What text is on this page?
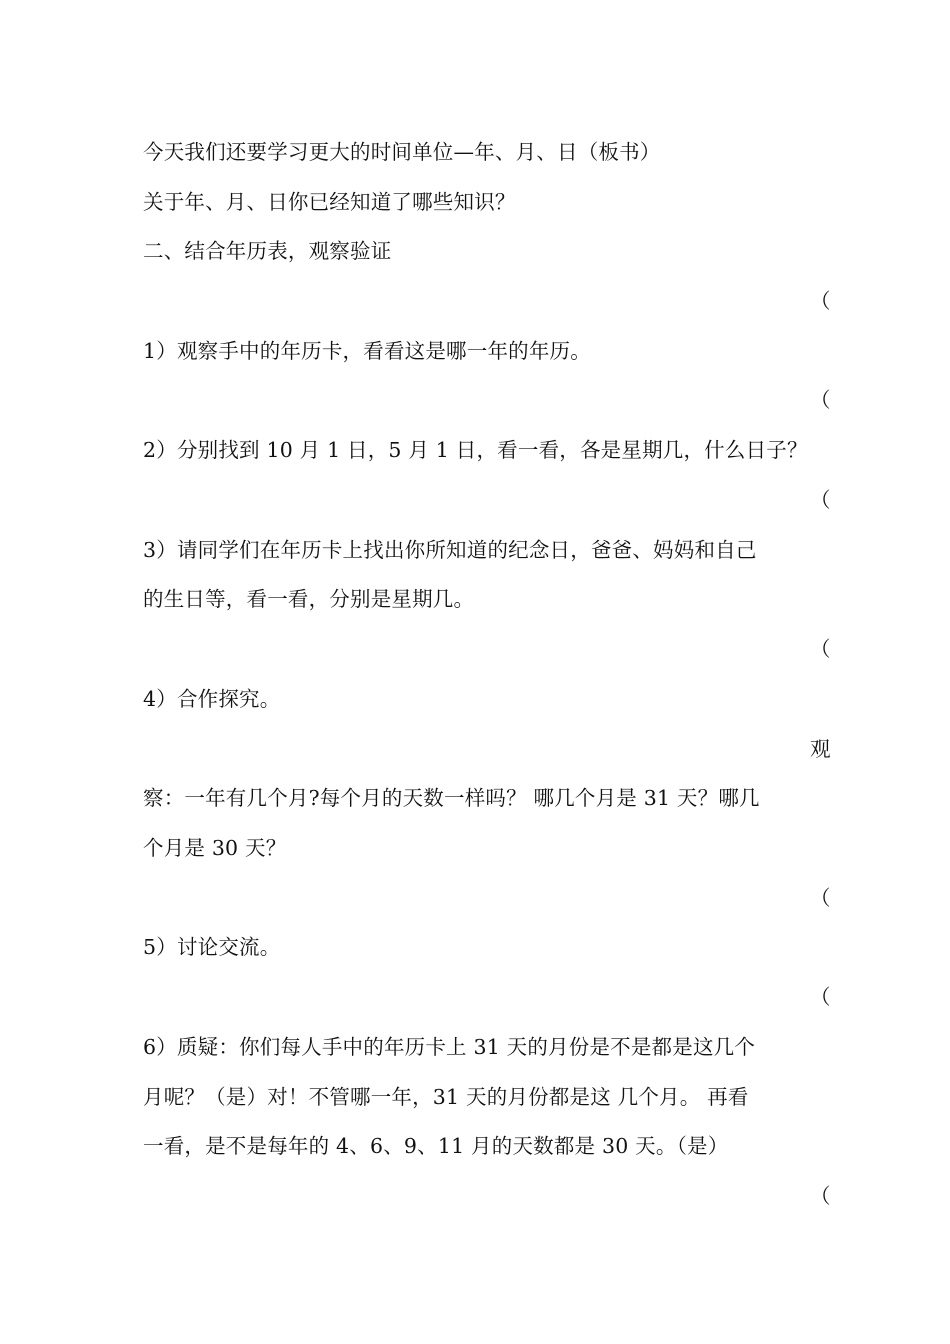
今天我们还要学习更大的时间单位—年、月、日（板书）
关于年、月、日你已经知道了哪些知识？
二、结合年历表，观察验证
（
1）观察手中的年历卡，看看这是哪一年的年历。
（
2）分别找到 10 月 1 日，5 月 1 日，看一看，各是星期几，什么日子？
（
3）请同学们在年历卡上找出你所知道的纪念日，爸爸、妈妈和自己
的生日等，看一看，分别是星期几。
（
4）合作探究。
观
察：一年有几个月?每个月的天数一样吗？ 哪几个月是 31 天？哪几
个月是 30 天？
（
5）讨论交流。
（
6）质疑：你们每人手中的年历卡上 31 天的月份是不是都是这几个
月呢？（是）对！不管哪一年，31 天的月份都是这 几个月。 再看
一看，是不是每年的 4、6、9、11 月的天数都是 30 天。（是）
（
